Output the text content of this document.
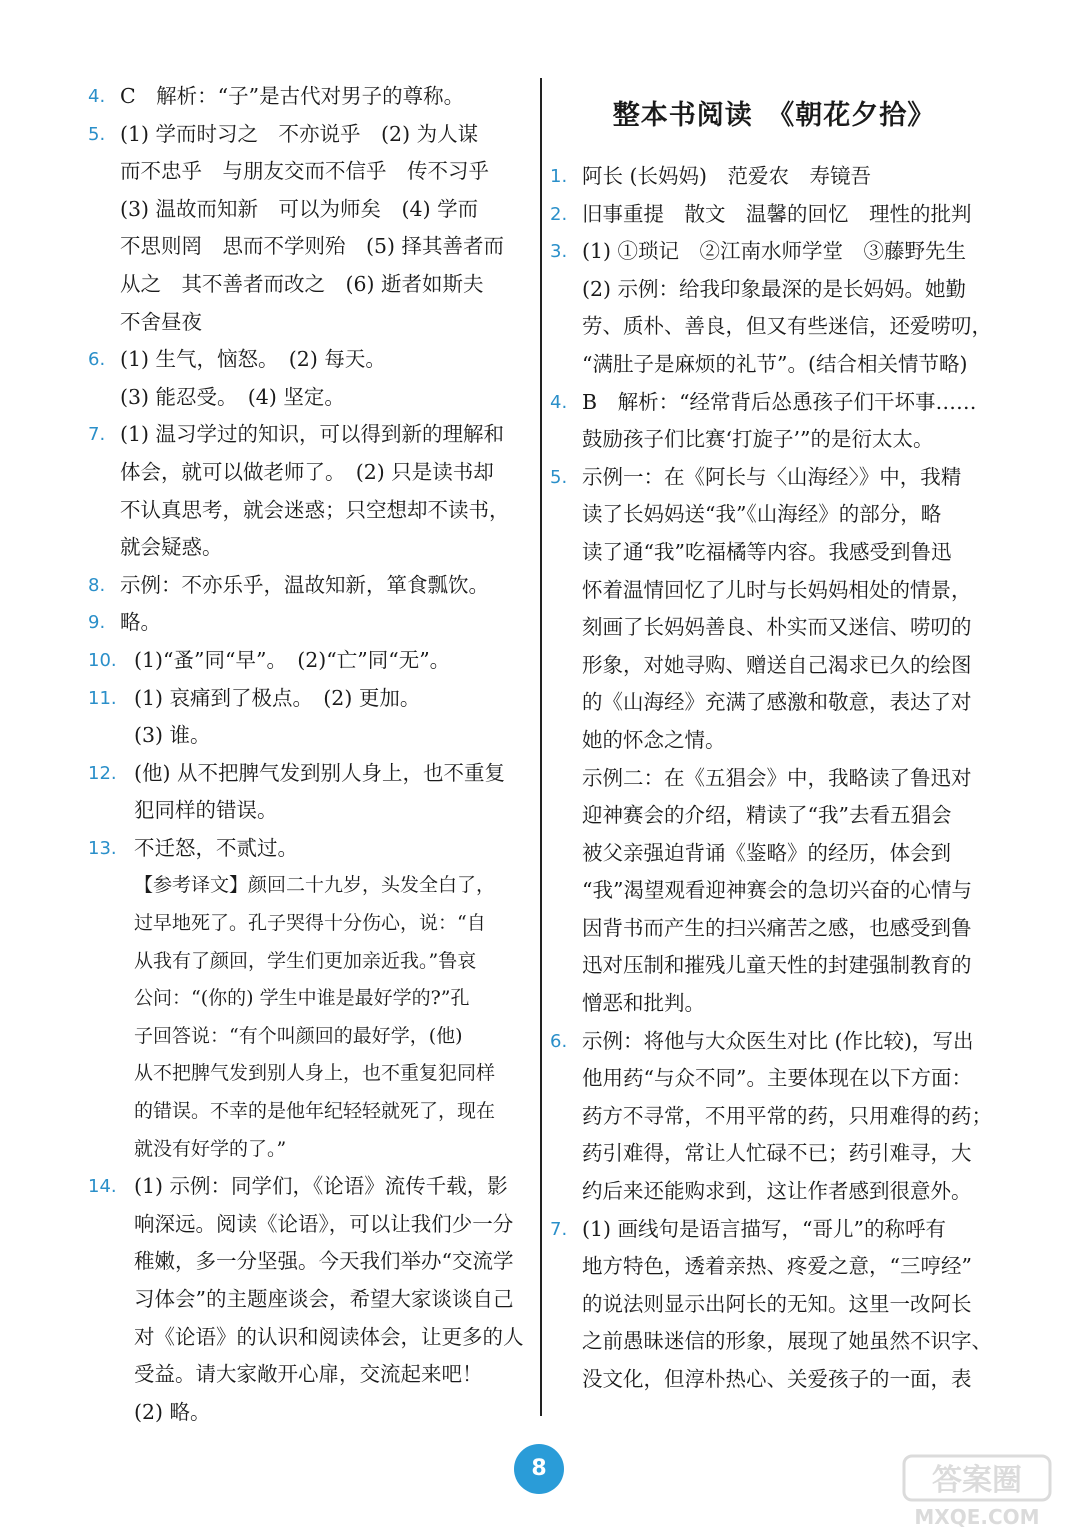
4. C　解析：“子”是古代对男子的尊称。
5. (1) 学而时习之　不亦说乎　(2) 为人谋
而不忠乎　与朋友交而不信乎　传不习乎
(3) 温故而知新　可以为师矣　(4) 学而
不思则罔　思而不学则殆　(5) 择其善者而
从之　其不善者而改之　(6) 逝者如斯夫
不舍昼夜
6. (1) 生气，恼怒。　(2) 每天。
(3) 能忍受。　(4) 坚定。
7. (1) 温习学过的知识，可以得到新的理解和
体会，就可以做老师了。　(2) 只是读书却
不认真思考，就会迷惑；只空想却不读书，
就会疑惑。
8. 示例：不亦乐乎，温故知新，箪食瓢饮。
9. 略。
10. (1)“蚤”同“早”。　(2)“亡”同“无”。
11. (1) 哀痛到了极点。　(2) 更加。
(3) 谁。
12. (他) 从不把脾气发到别人身上，也不重复
犯同样的错误。
13. 不迁怒，不贰过。
【参考译文】颜回二十九岁，头发全白了，
过早地死了。孔子哭得十分伤心，说：“自
从我有了颜回，学生们更加亲近我。”鲁哀
公问：“(你的) 学生中谁是最好学的?”孔
子回答说：“有个叫颜回的最好学，(他)
从不把脾气发到别人身上，也不重复犯同样
的错误。不幸的是他年纪轻轻就死了，现在
就没有好学的了。”
14. (1) 示例：同学们，《论语》流传千载，影
响深远。阅读《论语》，可以让我们少一分
稚嫩，多一分坚强。今天我们举办“交流学
习体会”的主题座谈会，希望大家谈谈自己
对《论语》的认识和阅读体会，让更多的人
受益。请大家敞开心扉，交流起来吧！
(2) 略。
整本书阅读　《朝花夕拾》
1. 阿长 (长妈妈)　范爱农　寿镜吾
2. 旧事重提　散文　温馨的回忆　理性的批判
3. (1) ①琐记　②江南水师学堂　③藤野先生
(2) 示例：给我印象最深的是长妈妈。她勤
劳、质朴、善良，但又有些迷信，还爱唠叨，
“满肚子是麻烦的礼节”。(结合相关情节略)
4. B　解析：“经常背后怂恿孩子们干坏事……
鼓励孩子们比赛‘打旋子’”的是衍太太。
5. 示例一：在《阿长与〈山海经〉》中，我精
读了长妈妈送“我”《山海经》的部分，略
读了通“我”吃福橘等内容。我感受到鲁迅
怀着温情回忆了儿时与长妈妈相处的情景，
刻画了长妈妈善良、朴实而又迷信、唠叨的
形象，对她寻购、赠送自己渴求已久的绘图
的《山海经》充满了感激和敬意，表达了对
她的怀念之情。
示例二：在《五猖会》中，我略读了鲁迅对
迎神赛会的介绍，精读了“我”去看五猖会
被父亲强迫背诵《鉴略》的经历，体会到
“我”渴望观看迎神赛会的急切兴奋的心情与
因背书而产生的扫兴痛苦之感，也感受到鲁
迅对压制和摧残儿童天性的封建强制教育的
憎恶和批判。
6. 示例：将他与大众医生对比 (作比较)，写出
他用药“与众不同”。主要体现在以下方面：
药方不寻常，不用平常的药，只用难得的药；
药引难得，常让人忙碌不已；药引难寻，大
约后来还能购求到，这让作者感到很意外。
7. (1) 画线句是语言描写，“哥儿”的称呼有
地方特色，透着亲热、疼爱之意，“三哼经”
的说法则显示出阿长的无知。这里一改阿长
之前愚昧迷信的形象，展现了她虽然不识字、
没文化，但淳朴热心、关爱孩子的一面，表
8	答案圈
MXQE.COM
